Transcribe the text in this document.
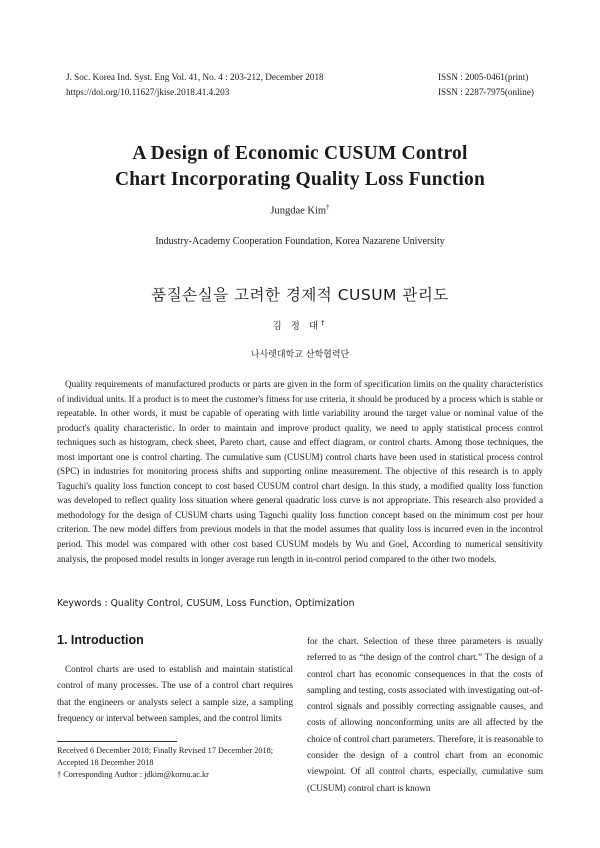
J. Soc. Korea Ind. Syst. Eng Vol. 41, No. 4 : 203-212, December 2018
https://doi.org/10.11627/jkise.2018.41.4.203
ISSN : 2005-0461(print)
ISSN : 2287-7975(online)
A Design of Economic CUSUM Control
Chart Incorporating Quality Loss Function
Jungdae Kim†
Industry-Academy Cooperation Foundation, Korea Nazarene University
품질손실을 고려한 경제적 CUSUM 관리도
김 정 대†
나사렛대학교 산학협력단

Quality requirements of manufactured products or parts are given in the form of specification limits on the quality characteristics of individual units. If a product is to meet the customer's fitness for use criteria, it should be produced by a process which is stable or repeatable. In other words, it must be capable of operating with little variability around the target value or nominal value of the product's quality characteristic. In order to maintain and improve product quality, we need to apply statistical process control techniques such as histogram, check sheet, Pareto chart, cause and effect diagram, or control charts. Among those techniques, the most important one is control charting. The cumulative sum (CUSUM) control charts have been used in statistical process control (SPC) in industries for monitoring process shifts and supporting online measurement. The objective of this research is to apply Taguchi's quality loss function concept to cost based CUSUM control chart design. In this study, a modified quality loss function was developed to reflect quality loss situation where general quadratic loss curve is not appropriate. This research also provided a methodology for the design of CUSUM charts using Taguchi quality loss function concept based on the minimum cost per hour criterion. The new model differs from previous models in that the model assumes that quality loss is incurred even in the incontrol period. This model was compared with other cost based CUSUM models by Wu and Goel, According to numerical sensitivity analysis, the proposed model results in longer average run length in in-control period compared to the other two models.

Keywords : Quality Control, CUSUM, Loss Function, Optimization
1. Introduction

Control charts are used to establish and maintain statistical control of many processes. The use of a control chart requires that the engineers or analysts select a sample size, a sampling frequency or interval between samples, and the control limits

for the chart. Selection of these three parameters is usually referred to as “the design of the control chart.” The design of a control chart has economic consequences in that the costs of sampling and testing, costs associated with investigating out-of-control signals and possibly correcting assignable causes, and costs of allowing nonconforming units are all affected by the choice of control chart parameters. Therefore, it is reasonable to consider the design of a control chart from an economic viewpoint. Of all control charts, especially, cumulative sum (CUSUM) control chart is known

Received 6 December 2018; Finally Revised 17 December 2018;
Accepted 18 December 2018
† Corresponding Author : jdkim@kornu.ac.kr
